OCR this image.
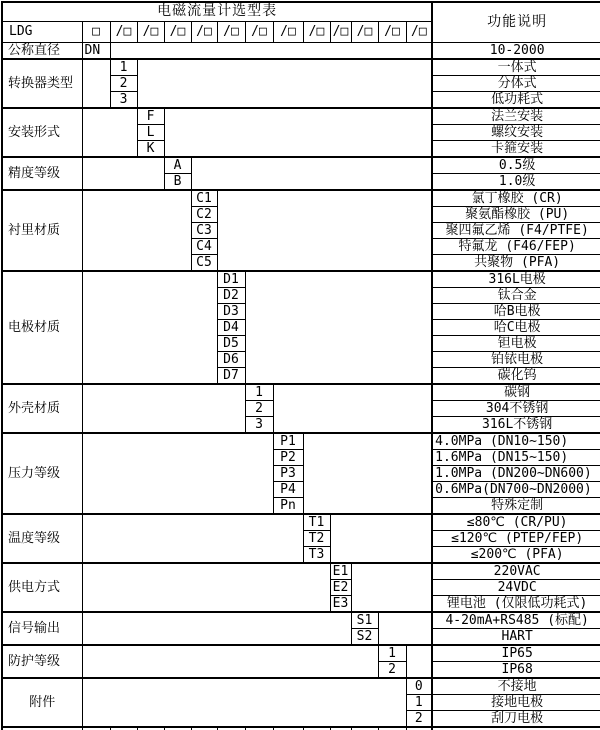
电磁流量计选型表														功能说明
LDG	□	/□	/□	/□	/□	/□	/□	/□	/□	/□	/□	/□	/□	
公称直径	DN													10-2000
转换器类型		1												一体式
		2												分体式
		3												低功耗式
安装形式			F											法兰安装
			L											螺纹安装
			K											卡箍安装
精度等级				A										0.5级
				B										1.0级
衬里材质					C1									氯丁橡胶 (CR)
					C2									聚氨酯橡胶 (PU)
					C3									聚四氟乙烯 (F4/PTFE)
					C4									特氟龙 (F46/FEP)
					C5									共聚物 (PFA)
电极材质						D1								316L电极
						D2								钛合金
						D3								哈B电极
						D4								哈C电极
						D5								钽电极
						D6								铂铱电极
						D7								碳化钨
外壳材质							1							碳钢
							2							304不锈钢
							3							316L不锈钢
压力等级								P1						4.0MPa (DN10~150)
								P2						1.6MPa (DN15~150)
								P3						1.0MPa (DN200~DN600)
								P4						0.6MPa(DN700~DN2000)
								Pn						特殊定制
温度等级									T1					≤80℃ (CR/PU)
									T2					≤120℃ (PTEP/FEP)
									T3					≤200℃ (PFA)
供电方式										E1				220VAC
										E2				24VDC
										E3				锂电池 (仅限低功耗式)
信号输出											S1			4-20mA+RS485 (标配)
											S2			HART
防护等级												1		IP65
												2		IP68
附件													0	不接地
													1	接地电极
													2	刮刀电极
